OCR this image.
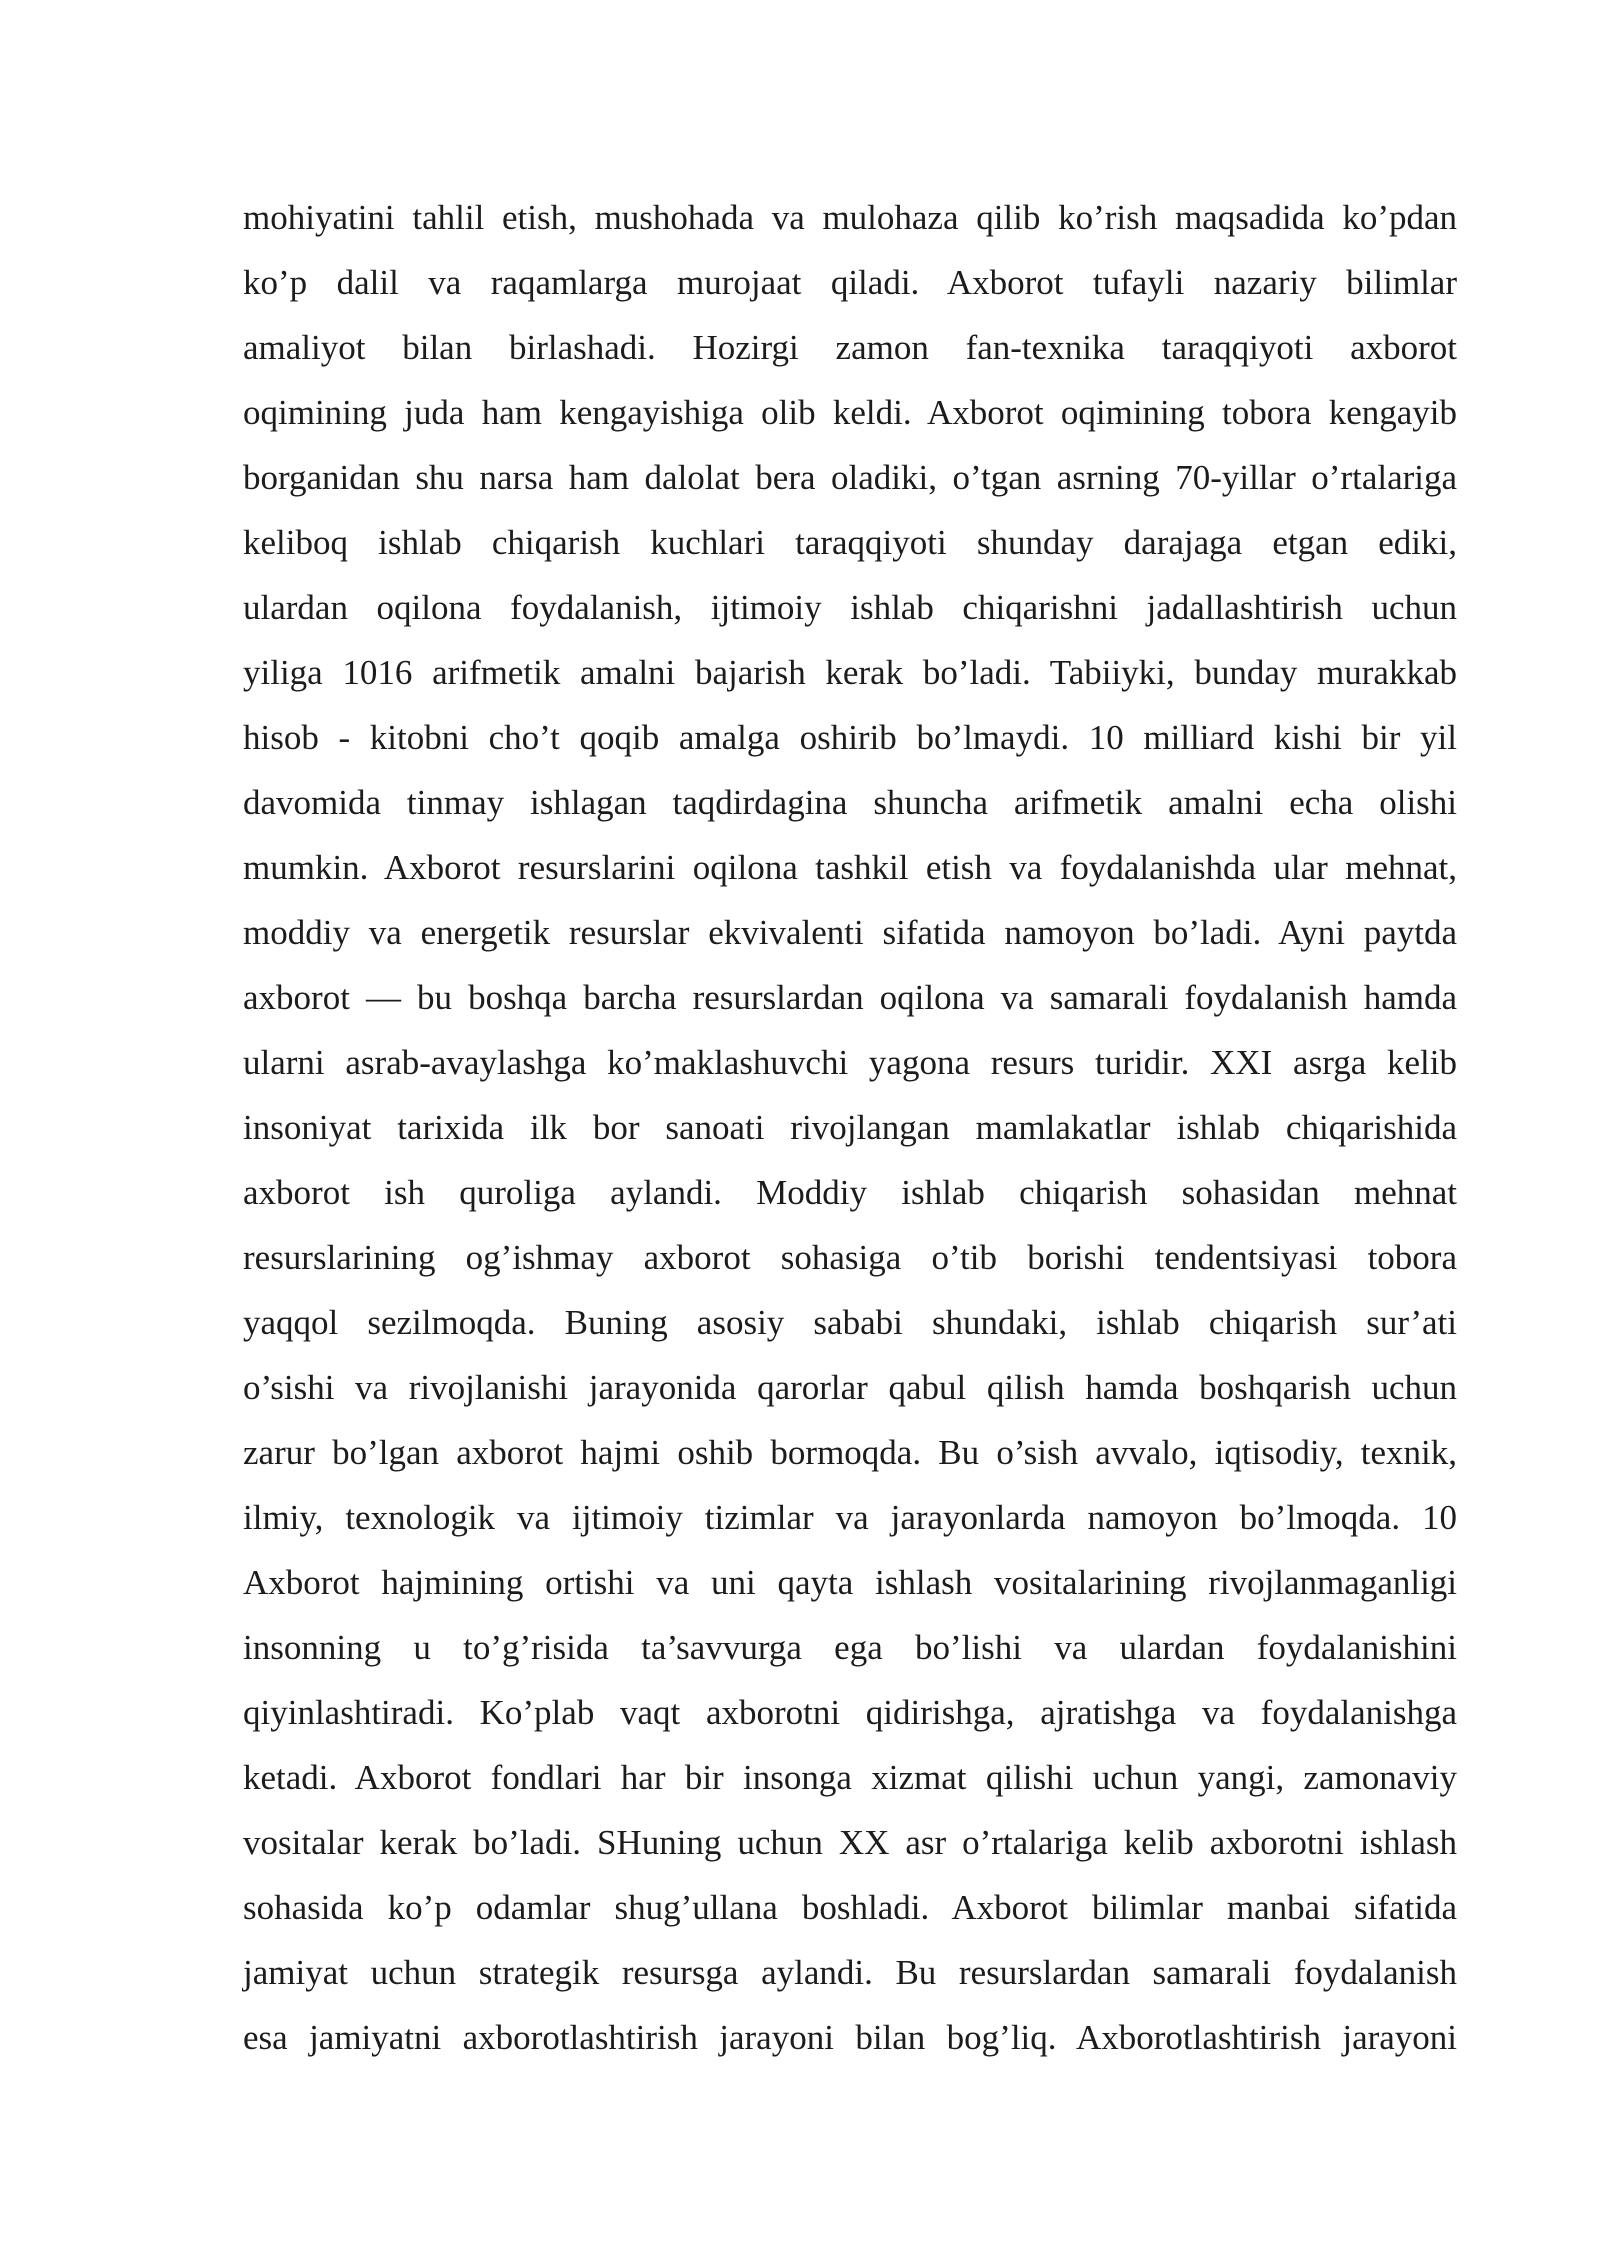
mohiyatini tahlil etish, mushohada va mulohaza qilib ko’rish maqsadida ko’pdan
ko’p dalil va raqamlarga murojaat qiladi. Axborot tufayli nazariy bilimlar
amaliyot bilan birlashadi. Hozirgi zamon fan-texnika taraqqiyoti axborot
oqimining juda ham kengayishiga olib keldi. Axborot oqimining tobora kengayib
borganidan shu narsa ham dalolat bera oladiki, o’tgan asrning 70-yillar o’rtalariga
keliboq ishlab chiqarish kuchlari taraqqiyoti shunday darajaga etgan ediki,
ulardan oqilona foydalanish, ijtimoiy ishlab chiqarishni jadallashtirish uchun
yiliga 1016 arifmetik amalni bajarish kerak bo’ladi. Tabiiyki, bunday murakkab
hisob - kitobni cho’t qoqib amalga oshirib bo’lmaydi. 10 milliard kishi bir yil
davomida tinmay ishlagan taqdirdagina shuncha arifmetik amalni echa olishi
mumkin. Axborot resurslarini oqilona tashkil etish va foydalanishda ular mehnat,
moddiy va energetik resurslar ekvivalenti sifatida namoyon bo’ladi. Ayni paytda
axborot — bu boshqa barcha resurslardan oqilona va samarali foydalanish hamda
ularni asrab-avaylashga ko’maklashuvchi yagona resurs turidir. XXI asrga kelib
insoniyat tarixida ilk bor sanoati rivojlangan mamlakatlar ishlab chiqarishida
axborot ish quroliga aylandi. Moddiy ishlab chiqarish sohasidan mehnat
resurslarining og’ishmay axborot sohasiga o’tib borishi tendentsiyasi tobora
yaqqol sezilmoqda. Buning asosiy sababi shundaki, ishlab chiqarish sur’ati
o’sishi va rivojlanishi jarayonida qarorlar qabul qilish hamda boshqarish uchun
zarur bo’lgan axborot hajmi oshib bormoqda. Bu o’sish avvalo, iqtisodiy, texnik,
ilmiy, texnologik va ijtimoiy tizimlar va jarayonlarda namoyon bo’lmoqda. 10
Axborot hajmining ortishi va uni qayta ishlash vositalarining rivojlanmaganligi
insonning u to’g’risida ta’savvurga ega bo’lishi va ulardan foydalanishini
qiyinlashtiradi. Ko’plab vaqt axborotni qidirishga, ajratishga va foydalanishga
ketadi. Axborot fondlari har bir insonga xizmat qilishi uchun yangi, zamonaviy
vositalar kerak bo’ladi. SHuning uchun XX asr o’rtalariga kelib axborotni ishlash
sohasida ko’p odamlar shug’ullana boshladi. Axborot bilimlar manbai sifatida
jamiyat uchun strategik resursga aylandi. Bu resurslardan samarali foydalanish
esa jamiyatni axborotlashtirish jarayoni bilan bog’liq. Axborotlashtirish jarayoni
